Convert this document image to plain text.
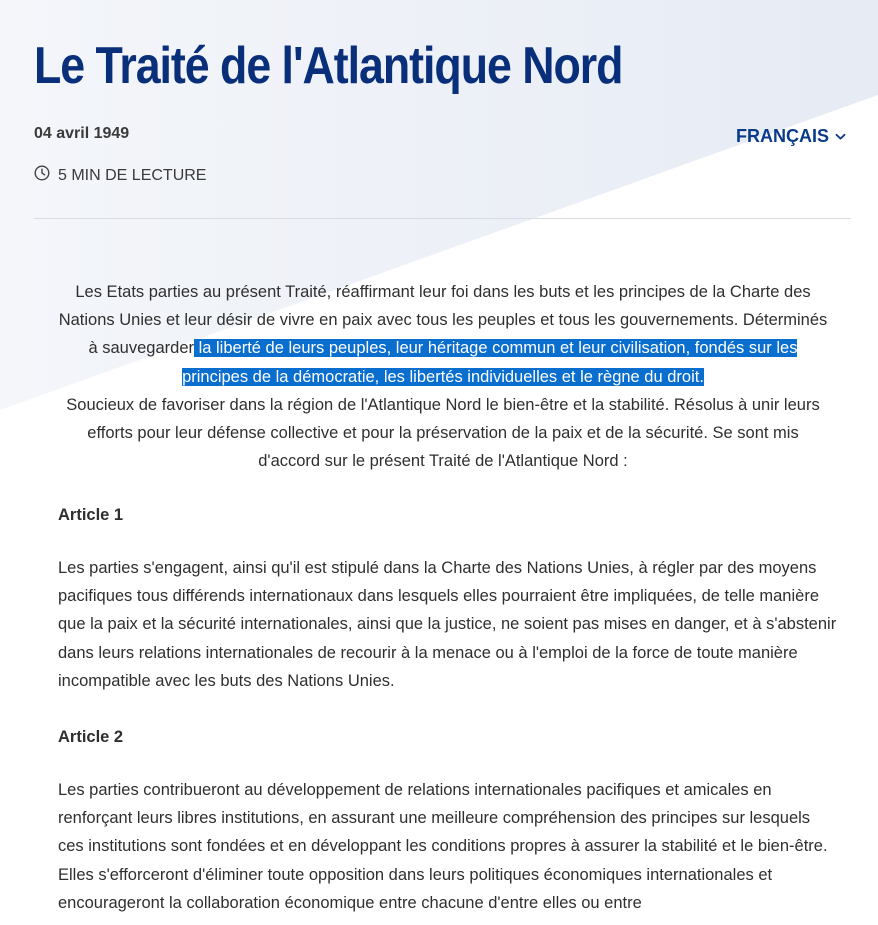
Le Traité de l'Atlantique Nord
04 avril 1949	FRANÇAIS
5 MIN DE LECTURE
Les Etats parties au présent Traité, réaffirmant leur foi dans les buts et les principes de la Charte des Nations Unies et leur désir de vivre en paix avec tous les peuples et tous les gouvernements. Déterminés à sauvegarder la liberté de leurs peuples, leur héritage commun et leur civilisation, fondés sur les principes de la démocratie, les libertés individuelles et le règne du droit.
Soucieux de favoriser dans la région de l'Atlantique Nord le bien-être et la stabilité. Résolus à unir leurs efforts pour leur défense collective et pour la préservation de la paix et de la sécurité. Se sont mis d'accord sur le présent Traité de l'Atlantique Nord :
Article 1

Les parties s'engagent, ainsi qu'il est stipulé dans la Charte des Nations Unies, à régler par des moyens pacifiques tous différends internationaux dans lesquels elles pourraient être impliquées, de telle manière que la paix et la sécurité internationales, ainsi que la justice, ne soient pas mises en danger, et à s'abstenir dans leurs relations internationales de recourir à la menace ou à l'emploi de la force de toute manière incompatible avec les buts des Nations Unies.

Article 2

Les parties contribueront au développement de relations internationales pacifiques et amicales en renforçant leurs libres institutions, en assurant une meilleure compréhension des principes sur lesquels ces institutions sont fondées et en développant les conditions propres à assurer la stabilité et le bien-être. Elles s'efforceront d'éliminer toute opposition dans leurs politiques économiques internationales et encourageront la collaboration économique entre chacune d'entre elles ou entre
